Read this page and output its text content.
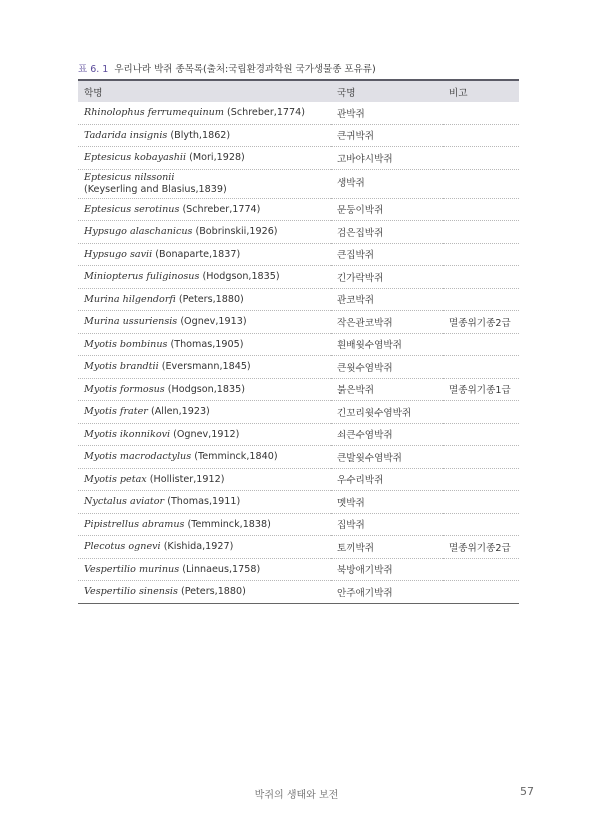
표 6. 1 우리나라 박쥐 종목록(출처:국립환경과학원 국가생물종 포유류)
학명	국명	비고
Rhinolophus ferrumequinum (Schreber,1774)	관박쥐	
Tadarida insignis (Blyth,1862)	큰귀박쥐	
Eptesicus kobayashii (Mori,1928)	고바야시박쥐	
Eptesicus nilssonii
(Keyserling and Blasius,1839)	생박쥐	
Eptesicus serotinus (Schreber,1774)	문둥이박쥐	
Hypsugo alaschanicus (Bobrinskii,1926)	검은집박쥐	
Hypsugo savii (Bonaparte,1837)	큰집박쥐	
Miniopterus fuliginosus (Hodgson,1835)	긴가락박쥐	
Murina hilgendorfi (Peters,1880)	관코박쥐	
Murina ussuriensis (Ognev,1913)	작은관코박쥐	멸종위기종2급
Myotis bombinus (Thomas,1905)	흰배윗수염박쥐	
Myotis brandtii (Eversmann,1845)	큰윗수염박쥐	
Myotis formosus (Hodgson,1835)	붉은박쥐	멸종위기종1급
Myotis frater (Allen,1923)	긴꼬리윗수염박쥐	
Myotis ikonnikovi (Ognev,1912)	쇠큰수염박쥐	
Myotis macrodactylus (Temminck,1840)	큰발윗수염박쥐	
Myotis petax (Hollister,1912)	우수리박쥐	
Nyctalus aviator (Thomas,1911)	멧박쥐	
Pipistrellus abramus (Temminck,1838)	집박쥐	
Plecotus ognevi (Kishida,1927)	토끼박쥐	멸종위기종2급
Vespertilio murinus (Linnaeus,1758)	북방애기박쥐	
Vespertilio sinensis (Peters,1880)	안주애기박쥐	
박쥐의 생태와 보전	57
